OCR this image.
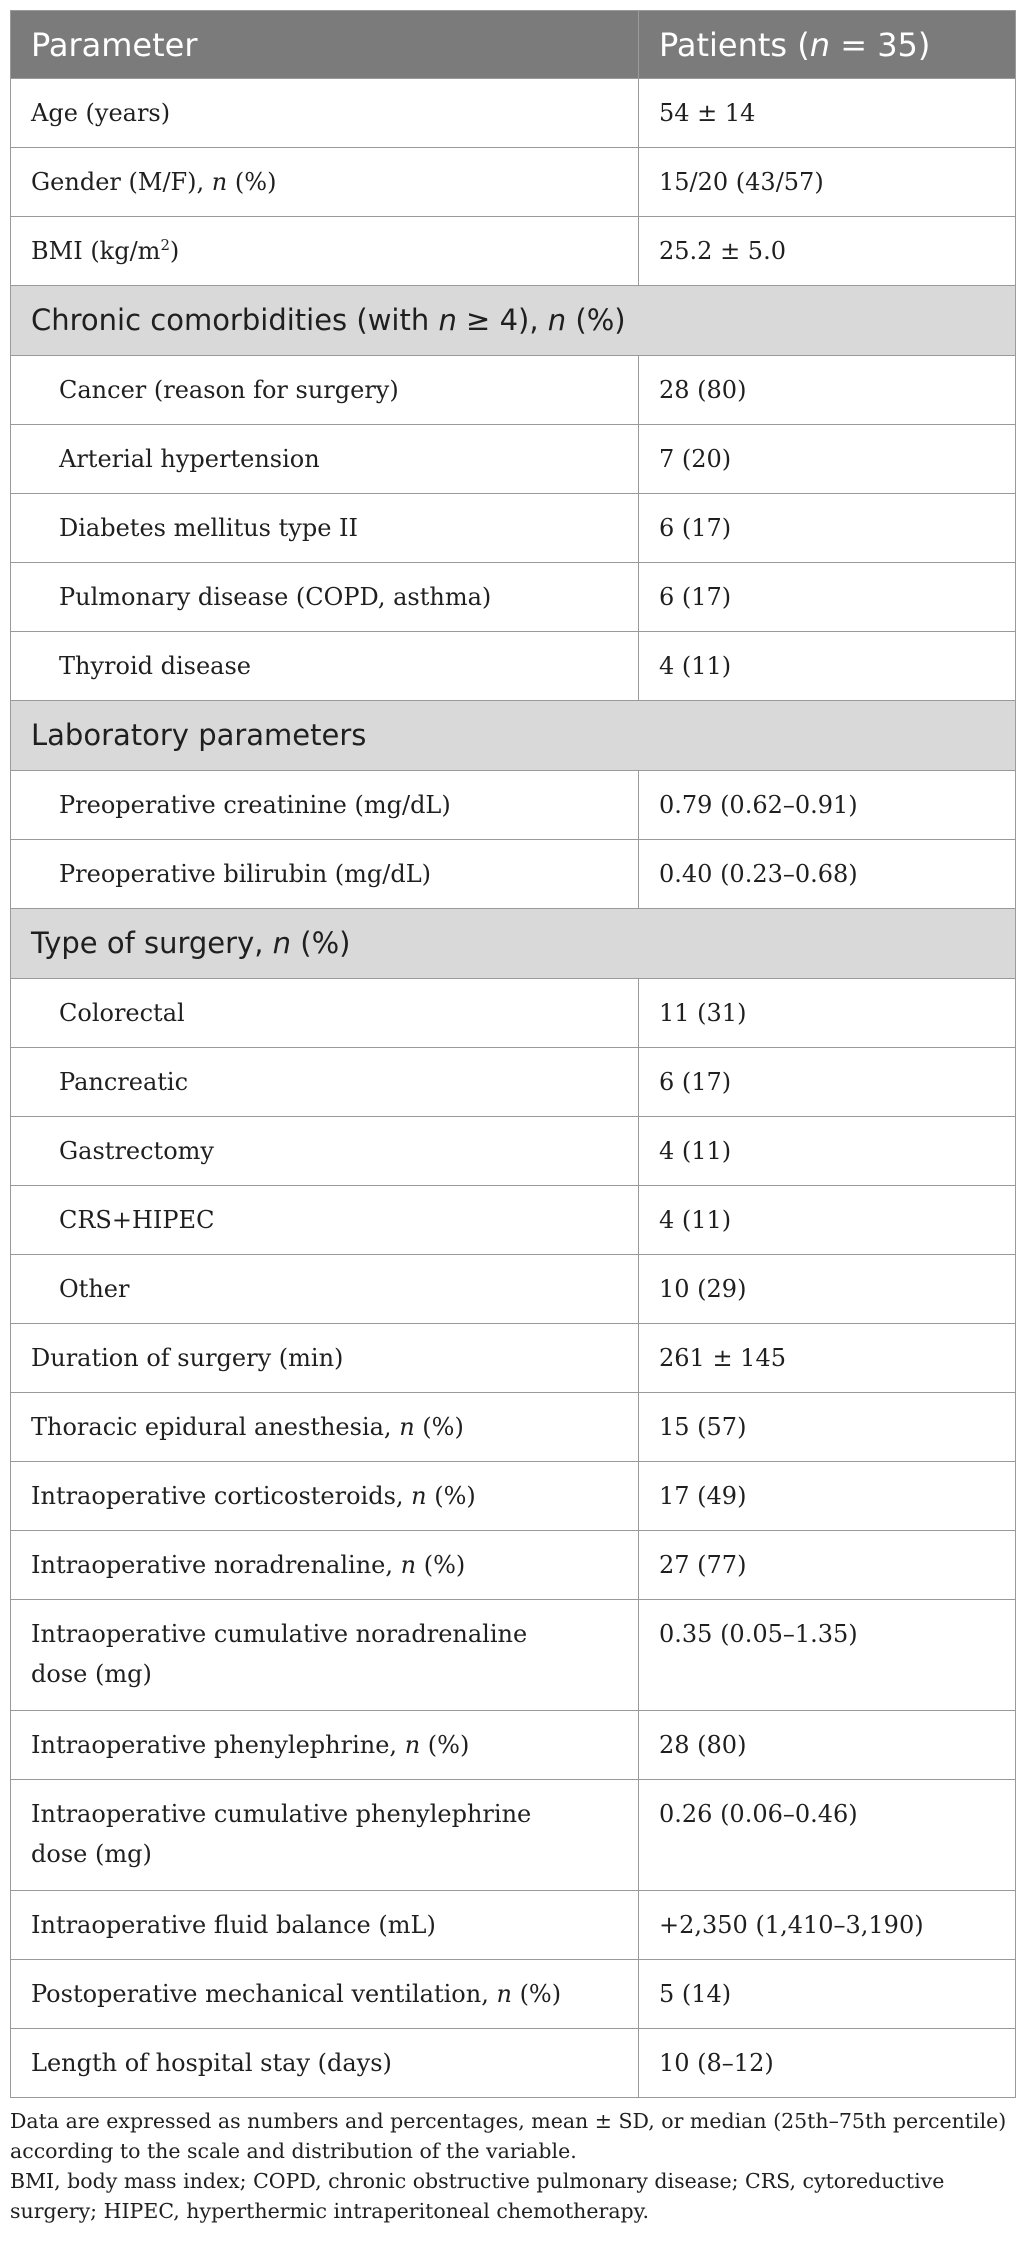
Parameter	Patients (n = 35)
Age (years)	54 ± 14
Gender (M/F), n (%)	15/20 (43/57)
BMI $(kg/m^2)$	25.2 ± 5.0
Chronic comorbidities (with n ≥ 4), n (%)	
Cancer (reason for surgery)	28 (80)
Arterial hypertension	7 (20)
Diabetes mellitus type II	6 (17)
Pulmonary disease (COPD, asthma)	6 (17)
Thyroid disease	4 (11)
Laboratory parameters	
Preoperative creatinine (mg/dL)	0.79 (0.62–0.91)
Preoperative bilirubin (mg/dL)	0.40 (0.23–0.68)
Type of surgery, n (%)	
Colorectal	11 (31)
Pancreatic	6 (17)
Gastrectomy	4 (11)
CRS+HIPEC	4 (11)
Other	10 (29)
Duration of surgery (min)	261 ± 145
Thoracic epidural anesthesia, n (%)	15 (57)
Intraoperative corticosteroids, n (%)	17 (49)
Intraoperative noradrenaline, n (%)	27 (77)
Intraoperative cumulative noradrenaline
dose (mg)	0.35 (0.05–1.35)
Intraoperative phenylephrine, n (%)	28 (80)
Intraoperative cumulative phenylephrine
dose (mg)	0.26 (0.06–0.46)
Intraoperative fluid balance (mL)	+2,350 (1,410–3,190)
Postoperative mechanical ventilation, n (%)	5 (14)
Length of hospital stay (days)	10 (8–12)

Data are expressed as numbers and percentages, mean ± SD, or median (25th–75th percentile) according to the scale and distribution of the variable.

BMI, body mass index; COPD, chronic obstructive pulmonary disease; CRS, cytoreductive surgery; HIPEC, hyperthermic intraperitoneal chemotherapy.
